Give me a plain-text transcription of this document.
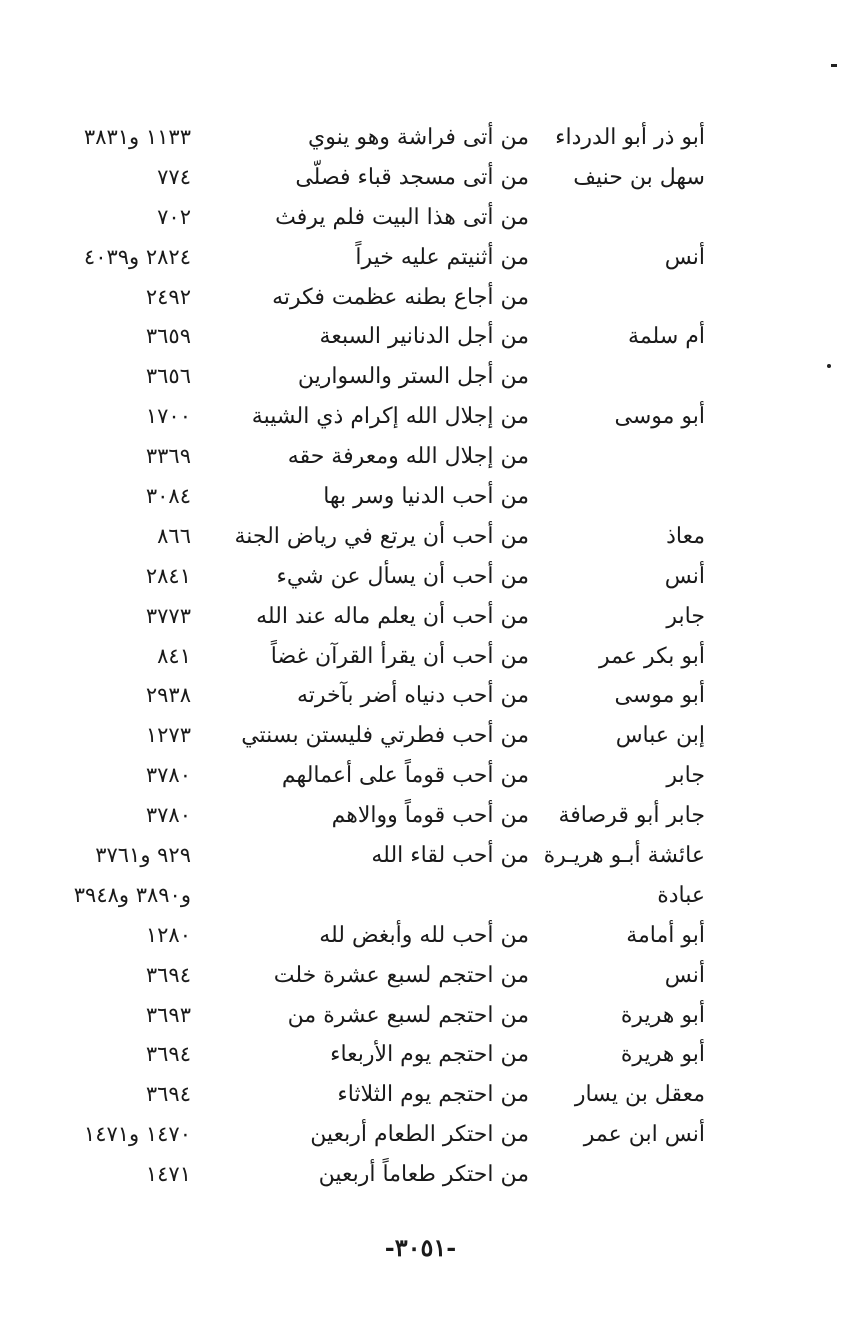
أبو ذر أبو الدرداء
من أتى فراشة وهو ينوي
١١٣٣ و٣٨٣١
سهل بن حنيف
من أتى مسجد قباء فصلّى
٧٧٤
من أتى هذا البيت فلم يرفث
٧٠٢
أنس
من أثنيتم عليه خيراً
٢٨٢٤ و٤٠٣٩
من أجاع بطنه عظمت فكرته
٢٤٩٢
أم سلمة
من أجل الدنانير السبعة
٣٦٥٩
من أجل الستر والسوارين
٣٦٥٦
أبو موسى
من إجلال الله إكرام ذي الشيبة
١٧٠٠
من إجلال الله ومعرفة حقه
٣٣٦٩
من أحب الدنيا وسر بها
٣٠٨٤
معاذ
من أحب أن يرتع في رياض الجنة
٨٦٦
أنس
من أحب أن يسأل عن شيء
٢٨٤١
جابر
من أحب أن يعلم ماله عند الله
٣٧٧٣
أبو بكر عمر
من أحب أن يقرأ القرآن غضاً
٨٤١
أبو موسى
من أحب دنياه أضر بآخرته
٢٩٣٨
إبن عباس
من أحب فطرتي فليستن بسنتي
١٢٧٣
جابر
من أحب قوماً على أعمالهم
٣٧٨٠
جابر أبو قرصافة
من أحب قوماً ووالاهم
٣٧٨٠
عائشة أبـو هريـرة
من أحب لقاء الله
٩٢٩ و٣٧٦١
عبادة
و٣٨٩٠ و٣٩٤٨
أبو أمامة
من أحب لله وأبغض لله
١٢٨٠
أنس
من احتجم لسبع عشرة خلت
٣٦٩٤
أبو هريرة
من احتجم لسبع عشرة من
٣٦٩٣
أبو هريرة
من احتجم يوم الأربعاء
٣٦٩٤
معقل بن يسار
من احتجم يوم الثلاثاء
٣٦٩٤
أنس ابن عمر
من احتكر الطعام أربعين
١٤٧٠ و١٤٧١
من احتكر طعاماً أربعين
١٤٧١
-٣٠٥١-
